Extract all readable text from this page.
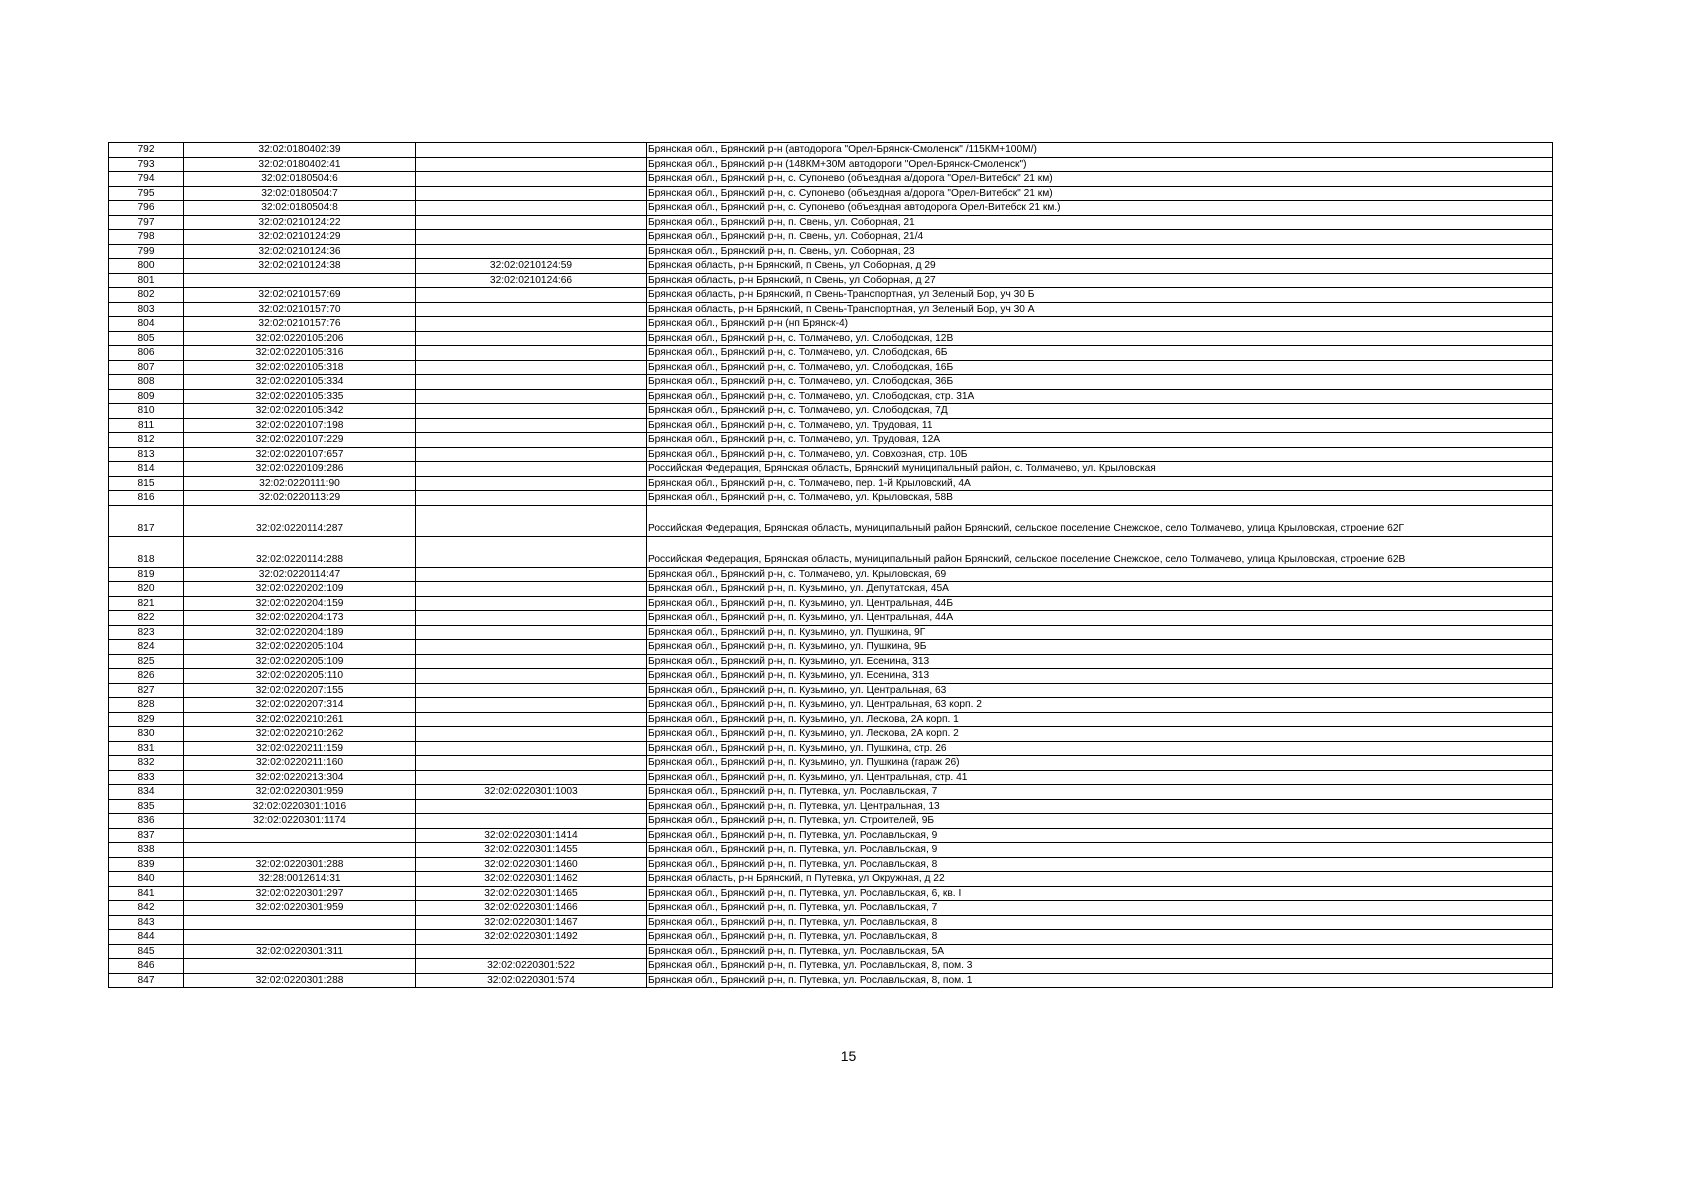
792	32:02:0180402:39		Брянская обл., Брянский р-н (автодорога "Орел-Брянск-Смоленск" /115КМ+100М/)
793	32:02:0180402:41		Брянская обл., Брянский р-н (148КМ+30М автодороги "Орел-Брянск-Смоленск")
794	32:02:0180504:6		Брянская обл., Брянский р-н, с. Супонево (объездная а/дорога "Орел-Витебск" 21 км)
795	32:02:0180504:7		Брянская обл., Брянский р-н, с. Супонево (объездная а/дорога "Орел-Витебск" 21 км)
796	32:02:0180504:8		Брянская обл., Брянский р-н, с. Супонево (объездная автодорога Орел-Витебск 21 км.)
797	32:02:0210124:22		Брянская обл., Брянский р-н, п. Свень, ул. Соборная, 21
798	32:02:0210124:29		Брянская обл., Брянский р-н, п. Свень, ул. Соборная, 21/4
799	32:02:0210124:36		Брянская обл., Брянский р-н, п. Свень, ул. Соборная, 23
800	32:02:0210124:38	32:02:0210124:59	Брянская область, р-н Брянский, п Свень, ул Соборная, д 29
801		32:02:0210124:66	Брянская область, р-н Брянский, п Свень, ул Соборная, д 27
802	32:02:0210157:69		Брянская область, р-н Брянский, п Свень-Транспортная, ул Зеленый Бор, уч 30 Б
803	32:02:0210157:70		Брянская область, р-н Брянский, п Свень-Транспортная, ул Зеленый Бор, уч 30 А
804	32:02:0210157:76		Брянская обл., Брянский р-н (нп Брянск-4)
805	32:02:0220105:206		Брянская обл., Брянский р-н, с. Толмачево, ул. Слободская, 12В
806	32:02:0220105:316		Брянская обл., Брянский р-н, с. Толмачево, ул. Слободская, 6Б
807	32:02:0220105:318		Брянская обл., Брянский р-н, с. Толмачево, ул. Слободская, 16Б
808	32:02:0220105:334		Брянская обл., Брянский р-н, с. Толмачево, ул. Слободская, 36Б
809	32:02:0220105:335		Брянская обл., Брянский р-н, с. Толмачево, ул. Слободская, стр. 31А
810	32:02:0220105:342		Брянская обл., Брянский р-н, с. Толмачево, ул. Слободская, 7Д
811	32:02:0220107:198		Брянская обл., Брянский р-н, с. Толмачево, ул. Трудовая, 11
812	32:02:0220107:229		Брянская обл., Брянский р-н, с. Толмачево, ул. Трудовая, 12А
813	32:02:0220107:657		Брянская обл., Брянский р-н, с. Толмачево, ул. Совхозная, стр. 10Б
814	32:02:0220109:286		Российская Федерация, Брянская область, Брянский муниципальный район, с. Толмачево, ул. Крыловская
815	32:02:0220111:90		Брянская обл., Брянский р-н, с. Толмачево, пер. 1-й Крыловский, 4А
816	32:02:0220113:29		Брянская обл., Брянский р-н, с. Толмачево, ул. Крыловская, 58В
817	32:02:0220114:287		Российская Федерация, Брянская область, муниципальный район Брянский, сельское поселение Снежское, село Толмачево, улица Крыловская, строение 62Г
818	32:02:0220114:288		Российская Федерация, Брянская область, муниципальный район Брянский, сельское поселение Снежское, село Толмачево, улица Крыловская, строение 62В
819	32:02:0220114:47		Брянская обл., Брянский р-н, с. Толмачево, ул. Крыловская, 69
820	32:02:0220202:109		Брянская обл., Брянский р-н, п. Кузьмино, ул. Депутатская, 45А
821	32:02:0220204:159		Брянская обл., Брянский р-н, п. Кузьмино, ул. Центральная, 44Б
822	32:02:0220204:173		Брянская обл., Брянский р-н, п. Кузьмино, ул. Центральная, 44А
823	32:02:0220204:189		Брянская обл., Брянский р-н, п. Кузьмино, ул. Пушкина, 9Г
824	32:02:0220205:104		Брянская обл., Брянский р-н, п. Кузьмино, ул. Пушкина, 9Б
825	32:02:0220205:109		Брянская обл., Брянский р-н, п. Кузьмино, ул. Есенина, 313
826	32:02:0220205:110		Брянская обл., Брянский р-н, п. Кузьмино, ул. Есенина, 313
827	32:02:0220207:155		Брянская обл., Брянский р-н, п. Кузьмино, ул. Центральная, 63
828	32:02:0220207:314		Брянская обл., Брянский р-н, п. Кузьмино, ул. Центральная, 63 корп. 2
829	32:02:0220210:261		Брянская обл., Брянский р-н, п. Кузьмино, ул. Лескова, 2А корп. 1
830	32:02:0220210:262		Брянская обл., Брянский р-н, п. Кузьмино, ул. Лескова, 2А корп. 2
831	32:02:0220211:159		Брянская обл., Брянский р-н, п. Кузьмино, ул. Пушкина, стр. 26
832	32:02:0220211:160		Брянская обл., Брянский р-н, п. Кузьмино, ул. Пушкина (гараж 26)
833	32:02:0220213:304		Брянская обл., Брянский р-н, п. Кузьмино, ул. Центральная, стр. 41
834	32:02:0220301:959	32:02:0220301:1003	Брянская обл., Брянский р-н, п. Путевка, ул. Рославльская, 7
835	32:02:0220301:1016		Брянская обл., Брянский р-н, п. Путевка, ул. Центральная, 13
836	32:02:0220301:1174		Брянская обл., Брянский р-н, п. Путевка, ул. Строителей, 9Б
837		32:02:0220301:1414	Брянская обл., Брянский р-н, п. Путевка, ул. Рославльская, 9
838		32:02:0220301:1455	Брянская обл., Брянский р-н, п. Путевка, ул. Рославльская, 9
839	32:02:0220301:288	32:02:0220301:1460	Брянская обл., Брянский р-н, п. Путевка, ул. Рославльская, 8
840	32:28:0012614:31	32:02:0220301:1462	Брянская область, р-н Брянский, п Путевка, ул Окружная, д 22
841	32:02:0220301:297	32:02:0220301:1465	Брянская обл., Брянский р-н, п. Путевка, ул. Рославльская, 6, кв. I
842	32:02:0220301:959	32:02:0220301:1466	Брянская обл., Брянский р-н, п. Путевка, ул. Рославльская, 7
843		32:02:0220301:1467	Брянская обл., Брянский р-н, п. Путевка, ул. Рославльская, 8
844		32:02:0220301:1492	Брянская обл., Брянский р-н, п. Путевка, ул. Рославльская, 8
845	32:02:0220301:311		Брянская обл., Брянский р-н, п. Путевка, ул. Рославльская, 5А
846		32:02:0220301:522	Брянская обл., Брянский р-н, п. Путевка, ул. Рославльская, 8, пом. 3
847	32:02:0220301:288	32:02:0220301:574	Брянская обл., Брянский р-н, п. Путевка, ул. Рославльская, 8, пом. 1
15
